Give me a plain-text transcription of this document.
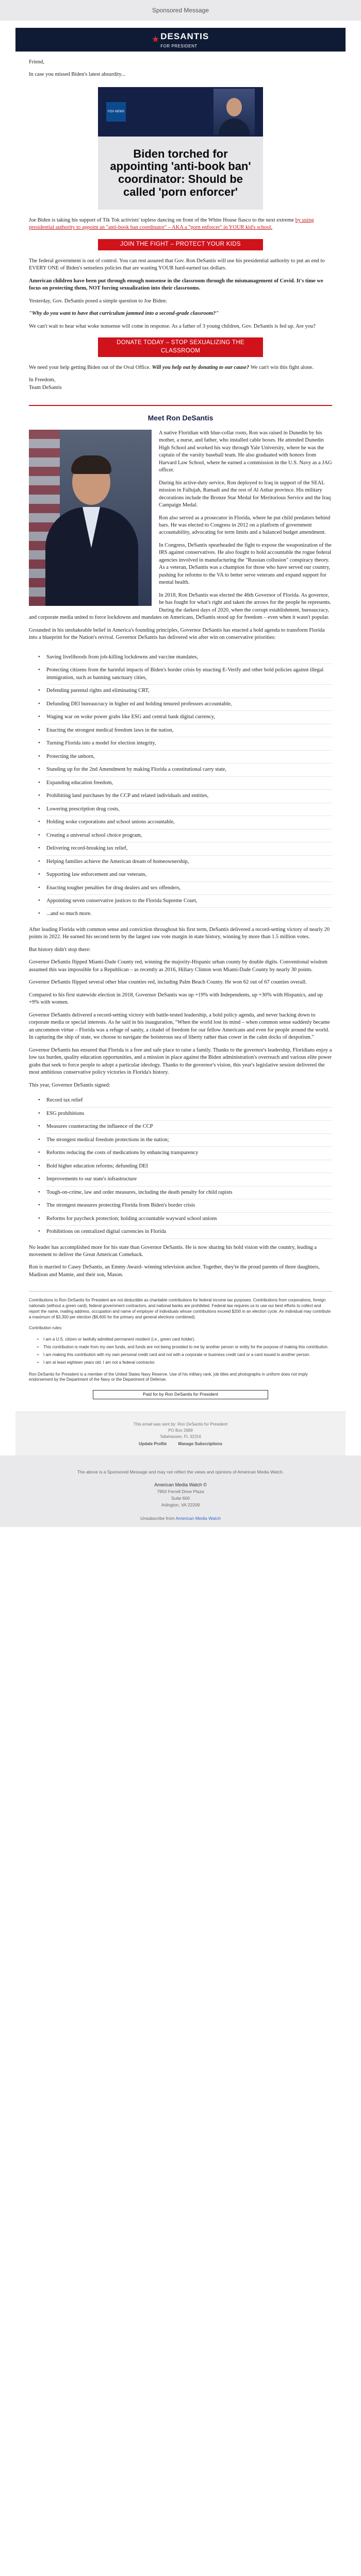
Sponsored Message
★ DESANTIS
FOR PRESIDENT

Friend,

In case you missed Biden's latest absurdity...

FOX NEWS
Biden torched for appointing 'anti-book ban' coordinator: Should be called 'porn enforcer'

Joe Biden is taking his support of Tik Tok activists' topless dancing on front of the White House fiasco to the next extreme by using presidential authority to appoint an "anti-book ban coordinator" – AKA a "porn enforcer" in YOUR kid's school.

JOIN THE FIGHT – PROTECT YOUR KIDS

The federal government is out of control. You can rest assured that Gov. Ron DeSantis will use his presidential authority to put an end to EVERY ONE of Biden's senseless policies that are wasting YOUR hard-earned tax dollars.

American children have been put through enough nonsense in the classroom through the mismanagement of Covid. It's time we focus on protecting them, NOT forcing sexualization into their classrooms.

Yesterday, Gov. DeSantis posed a simple question to Joe Biden:

"Why do you want to have that curriculum jammed into a second-grade classroom?"

We can't wait to hear what woke nonsense will come in response. As a father of 3 young children, Gov. DeSantis is fed up. Are you?

DONATE TODAY – STOP SEXUALIZING THE CLASSROOM

We need your help getting Biden out of the Oval Office. Will you help out by donating to our cause? We can't win this fight alone.

In Freedom,
Team DeSantis

Meet Ron DeSantis

A native Floridian with blue-collar roots, Ron was raised in Dunedin by his mother, a nurse, and father, who installed cable boxes. He attended Dunedin High School and worked his way through Yale University, where he was the captain of the varsity baseball team. He also graduated with honors from Harvard Law School, where he earned a commission in the U.S. Navy as a JAG officer.

During his active-duty service, Ron deployed to Iraq in support of the SEAL mission in Fallujah, Ramadi and the rest of Al Anbar province. His military decorations include the Bronze Star Medal for Meritorious Service and the Iraq Campaign Medal.

Ron also served as a prosecutor in Florida, where he put child predators behind bars. He was elected to Congress in 2012 on a platform of government accountability, advocating for term limits and a balanced budget amendment.

In Congress, DeSantis spearheaded the fight to expose the weaponization of the IRS against conservatives. He also fought to hold accountable the rogue federal agencies involved in manufacturing the "Russian collusion" conspiracy theory. As a veteran, DeSantis was a champion for those who have served our country, pushing for reforms to the VA to better serve veterans and expand support for mental health.

In 2018, Ron DeSantis was elected the 46th Governor of Florida. As governor, he has fought for what's right and taken the arrows for the people he represents. During the darkest days of 2020, when the corrupt establishment, bureaucracy, and corporate media united to force lockdowns and mandates on Americans, DeSantis stood up for freedom – even when it wasn't popular.

Grounded in his unshakeable belief in America's founding principles, Governor DeSantis has enacted a bold agenda to transform Florida into a blueprint for the Nation's revival. Governor DeSantis has delivered win after win on conservative priorities:

• Saving livelihoods from job-killing lockdowns and vaccine mandates,
• Protecting citizens from the harmful impacts of Biden's border crisis by enacting E-Verify and other bold policies against illegal immigration, such as banning sanctuary cities,
• Defending parental rights and eliminating CRT,
• Defunding DEI bureaucracy in higher ed and holding tenured professors accountable,
• Waging war on woke power grabs like ESG and central bank digital currency,
• Enacting the strongest medical freedom laws in the nation,
• Turning Florida into a model for election integrity,
• Protecting the unborn,
• Standing up for the 2nd Amendment by making Florida a constitutional carry state,
• Expanding education freedom,
• Prohibiting land purchases by the CCP and related individuals and entities,
• Lowering prescription drug costs,
• Holding woke corporations and school unions accountable,
• Creating a universal school choice program,
• Delivering record-breaking tax relief,
• Helping families achieve the American dream of homeownership,
• Supporting law enforcement and our veterans,
• Enacting tougher penalties for drug dealers and sex offenders,
• Appointing seven conservative justices to the Florida Supreme Court,
• ...and so much more.

After leading Florida with common sense and conviction throughout his first term, DeSantis delivered a record-setting victory of nearly 20 points in 2022. He earned his second term by the largest raw vote margin in state history, winning by more than 1.5 million votes.

But history didn't stop there:

Governor DeSantis flipped Miami-Dade County red, winning the majority-Hispanic urban county by double digits. Conventional wisdom assumed this was impossible for a Republican – as recently as 2016, Hillary Clinton won Miami-Dade County by nearly 30 points.

Governor DeSantis flipped several other blue counties red, including Palm Beach County. He won 62 out of 67 counties overall.

Compared to his first statewide election in 2018, Governor DeSantis was up +19% with Independents, up +30% with Hispanics, and up +9% with women.

Governor DeSantis delivered a record-setting victory with battle-tested leadership, a bold policy agenda, and never backing down to corporate media or special interests. As he said in his inauguration, "When the world lost its mind – when common sense suddenly became an uncommon virtue – Florida was a refuge of sanity, a citadel of freedom for our fellow Americans and even for people around the world. In capturing the ship of state, we choose to navigate the boisterous sea of liberty rather than cower in the calm docks of despotism."

Governor DeSantis has ensured that Florida is a free and safe place to raise a family. Thanks to the governor's leadership, Floridians enjoy a low tax burden, quality education opportunities, and a mission in place against the Biden administration's overreach and various elite power grabs that seek to force people to adopt a particular ideology. Thanks to the governor's vision, this year's legislative session delivered the most ambitious conservative policy victories in Florida's history.

This year, Governor DeSantis signed:

• Record tax relief
• ESG prohibitions
• Measures counteracting the influence of the CCP
• The strongest medical freedom protections in the nation;
• Reforms reducing the costs of medications by enhancing transparency
• Bold higher education reforms; defunding DEI
• Improvements to our state's infrastructure
• Tough-on-crime, law and order measures, including the death penalty for child rapists
• The strongest measures protecting Florida from Biden's border crisis
• Reforms for paycheck protection; holding accountable wayward school unions
• Prohibitions on centralized digital currencies in Florida

No leader has accomplished more for his state than Governor DeSantis. He is now sharing his bold vision with the country, leading a movement to deliver the Great American Comeback.

Ron is married to Casey DeSantis, an Emmy Award- winning television anchor. Together, they're the proud parents of three daughters, Madison and Mamie, and their son, Mason.

Contributions to Ron DeSantis for President are not deductible as charitable contributions for federal income tax purposes. Contributions from corporations, foreign nationals (without a green card), federal government contractors, and national banks are prohibited. Federal law requires us to use our best efforts to collect and report the name, mailing address, occupation and name of employer of individuals whose contributions exceed $200 in an election cycle. An individual may contribute a maximum of $3,300 per election ($6,600 for the primary and general elections combined).

Contribution rules:

• I am a U.S. citizen or lawfully admitted permanent resident (i.e., green card holder).
• This contribution is made from my own funds, and funds are not being provided to me by another person or entity for the purpose of making this contribution.
• I am making this contribution with my own personal credit card and not with a corporate or business credit card or a card issued to another person.
• I am at least eighteen years old. I am not a federal contractor.

Ron DeSantis for President is a member of the United States Navy Reserve. Use of his military rank, job titles and photographs in uniform does not imply endorsement by the Department of the Navy or the Department of Defense.

Paid for by Ron DeSantis for President
This email was sent by: Ron DeSantis for President
PO Box 2689
Tallahassee, FL 32316
Update Profile	Manage Subscriptions
The above is a Sponsored Message and may not reflect the views and opinions of American Media Watch.
American Media Watch ©
7950 Ferrell Drive Plaza
Suite 600
Arlington, VA 22209
Unsubscribe from American Media Watch
